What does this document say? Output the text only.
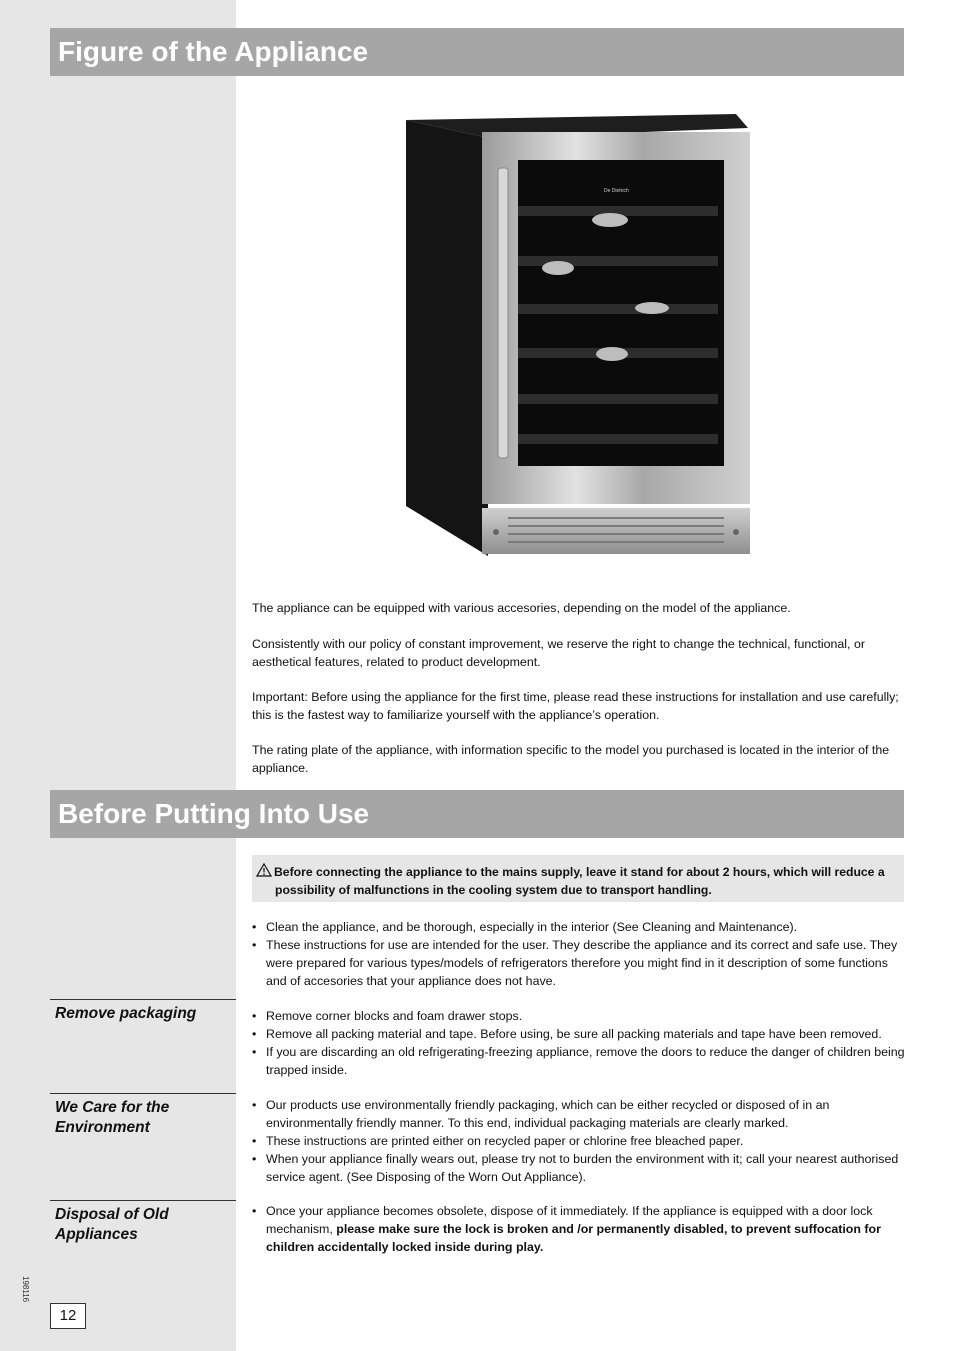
Figure of the Appliance
De Dietrich

The appliance can be equipped with various accesories, depending on the model of the appliance.

Consistently with our policy of constant improvement, we reserve the right to change the technical, functional, or aesthetical features, related to product development.

Important: Before using the appliance for the first time, please read these instructions for installation and use carefully; this is the fastest way to familiarize yourself with the appliance’s operation.

The rating plate of the appliance, with information specific to the model you purchased is located in the interior of the appliance.

Before Putting Into Use
Before connecting the appliance to the mains supply, leave it stand for about 2 hours, which will reduce a
possibility of malfunctions in the cooling system due to transport handling.
• Clean the appliance, and be thorough, especially in the interior (See Cleaning and Maintenance).
• These instructions for use are intended for the user. They describe the appliance and its correct and safe use. They were prepared for various types/models of refrigerators therefore you might find in it description of some functions and of accesories that your appliance does not have.
Remove packaging
•	Remove corner blocks and foam drawer stops.
• Remove all packing material and tape. Before using, be sure all packing materials and tape have been removed.
• If you are discarding an old refrigerating-freezing appliance, remove the doors to reduce the danger of children being trapped inside.
We Care for the
Environment
• Our products use environmentally friendly packaging, which can be either recycled or disposed of in an environmentally friendly manner. To this end, individual packaging materials are clearly marked.
• These instructions are printed either on recycled paper or chlorine free bleached paper.
• When your appliance finally wears out, please try not to burden the environment with it; call your nearest authorised service agent. (See Disposing of the Worn Out Appliance).
Disposal of Old
Appliances
• Once your appliance becomes obsolete, dispose of it immediately. If the appliance is equipped with a door lock mechanism, please make sure the lock is broken and /or permanently disabled, to prevent suffocation for children accidentally locked inside during play.
198116
12
